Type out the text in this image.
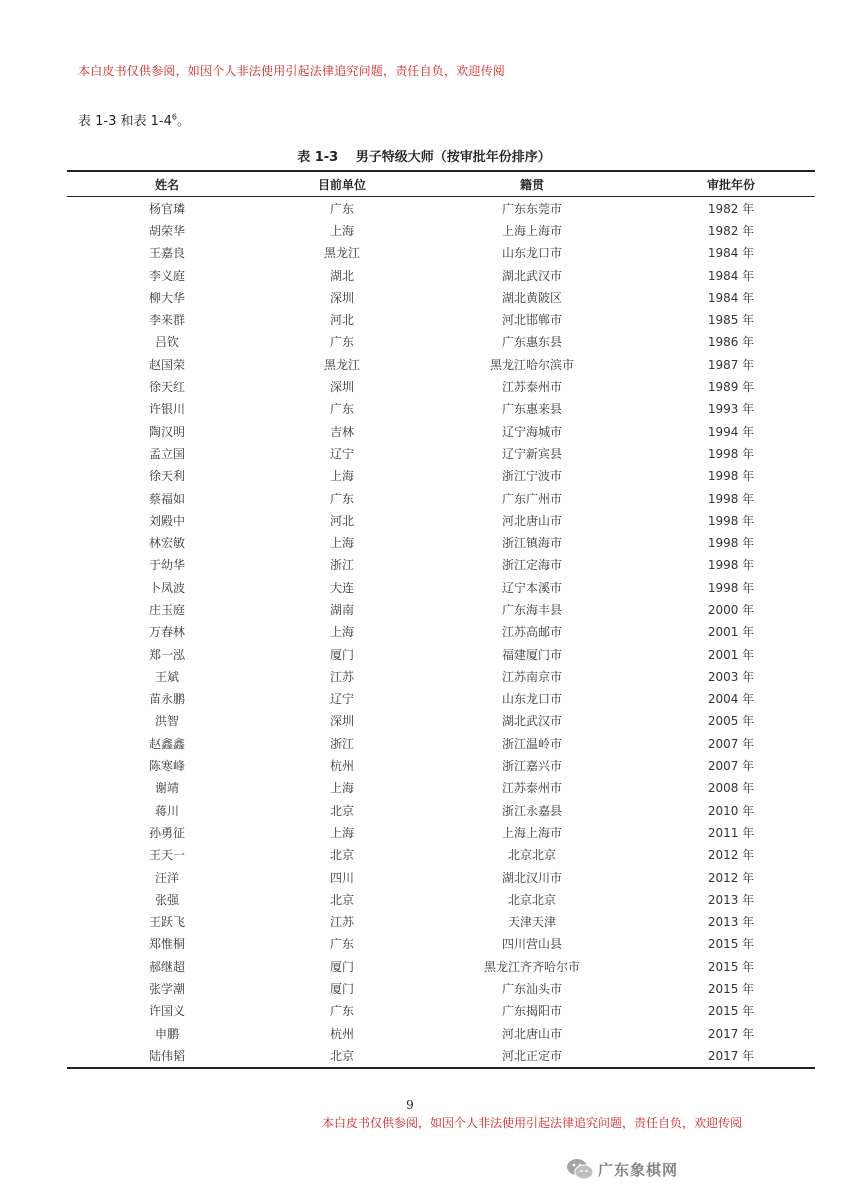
本白皮书仅供参阅，如因个人非法使用引起法律追究问题，责任自负，欢迎传阅
表 1-3 和表 $1-4^6$。
表 1-3　 男子特级大师（按审批年份排序）
姓名	目前单位	籍贯	审批年份
杨官璘	广东	广东东莞市	1982 年
胡荣华	上海	上海上海市	1982 年
王嘉良	黑龙江	山东龙口市	1984 年
李义庭	湖北	湖北武汉市	1984 年
柳大华	深圳	湖北黄陂区	1984 年
李来群	河北	河北邯郸市	1985 年
吕钦	广东	广东惠东县	1986 年
赵国荣	黑龙江	黑龙江哈尔滨市	1987 年
徐天红	深圳	江苏泰州市	1989 年
许银川	广东	广东惠来县	1993 年
陶汉明	吉林	辽宁海城市	1994 年
孟立国	辽宁	辽宁新宾县	1998 年
徐天利	上海	浙江宁波市	1998 年
蔡福如	广东	广东广州市	1998 年
刘殿中	河北	河北唐山市	1998 年
林宏敏	上海	浙江镇海市	1998 年
于幼华	浙江	浙江定海市	1998 年
卜凤波	大连	辽宁本溪市	1998 年
庄玉庭	湖南	广东海丰县	2000 年
万春林	上海	江苏高邮市	2001 年
郑一泓	厦门	福建厦门市	2001 年
王斌	江苏	江苏南京市	2003 年
苗永鹏	辽宁	山东龙口市	2004 年
洪智	深圳	湖北武汉市	2005 年
赵鑫鑫	浙江	浙江温岭市	2007 年
陈寒峰	杭州	浙江嘉兴市	2007 年
谢靖	上海	江苏泰州市	2008 年
蒋川	北京	浙江永嘉县	2010 年
孙勇征	上海	上海上海市	2011 年
王天一	北京	北京北京	2012 年
汪洋	四川	湖北汉川市	2012 年
张强	北京	北京北京	2013 年
王跃飞	江苏	天津天津	2013 年
郑惟桐	广东	四川营山县	2015 年
郝继超	厦门	黑龙江齐齐哈尔市	2015 年
张学潮	厦门	广东汕头市	2015 年
许国义	广东	广东揭阳市	2015 年
申鹏	杭州	河北唐山市	2017 年
陆伟韬	北京	河北正定市	2017 年
9
本白皮书仅供参阅，如因个人非法使用引起法律追究问题，责任自负，欢迎传阅
广东象棋网
